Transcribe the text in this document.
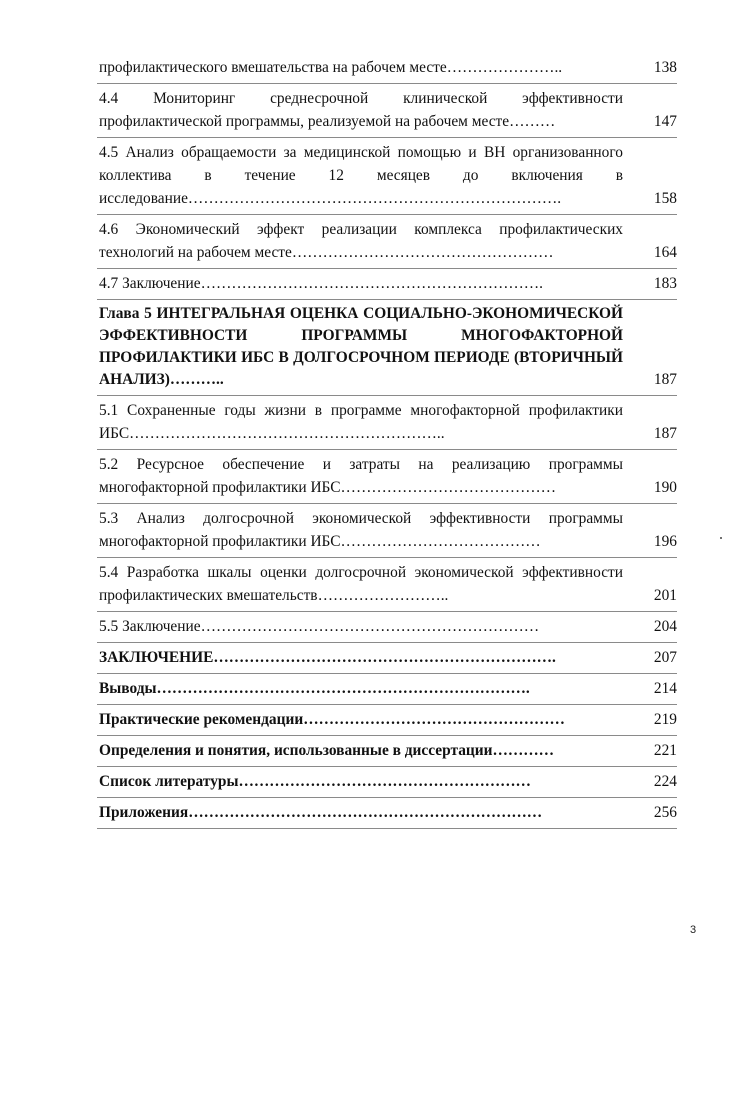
профилактического вмешательства на рабочем месте…………………..	138
4.4 Мониторинг среднесрочной клинической эффективности профилактической программы, реализуемой на рабочем месте………	147
4.5 Анализ обращаемости за медицинской помощью и ВН организованного коллектива в течение 12 месяцев до включения в исследование……………………………………………………………….	158
4.6 Экономический эффект реализации комплекса профилактических технологий на рабочем месте……………………………………………	164
4.7 Заключение………………………………………………………….	183
Глава 5 ИНТЕГРАЛЬНАЯ ОЦЕНКА СОЦИАЛЬНО-ЭКОНОМИЧЕСКОЙ ЭФФЕКТИВНОСТИ ПРОГРАММЫ МНОГОФАКТОРНОЙ ПРОФИЛАКТИКИ ИБС В ДОЛГОСРОЧНОМ ПЕРИОДЕ (ВТОРИЧНЫЙ АНАЛИЗ)………..	187
5.1 Сохраненные годы жизни в программе многофакторной профилактики ИБС……………………………………………………..	187
5.2 Ресурсное обеспечение и затраты на реализацию программы многофакторной профилактики ИБС……………………………………	190
5.3 Анализ долгосрочной экономической эффективности программы многофакторной профилактики ИБС…………………………………	196
5.4 Разработка шкалы оценки долгосрочной экономической эффективности профилактических вмешательств……………………..	201
5.5 Заключение…………………………………………………………	204
ЗАКЛЮЧЕНИЕ………………………………………………………….	207
Выводы……………………………………………………………….	214
Практические рекомендации……………………………………………	219
Определения и понятия, использованные в диссертации…………	221
Список литературы…………………………………………………	224
Приложения……………………………………………………………	256
3
